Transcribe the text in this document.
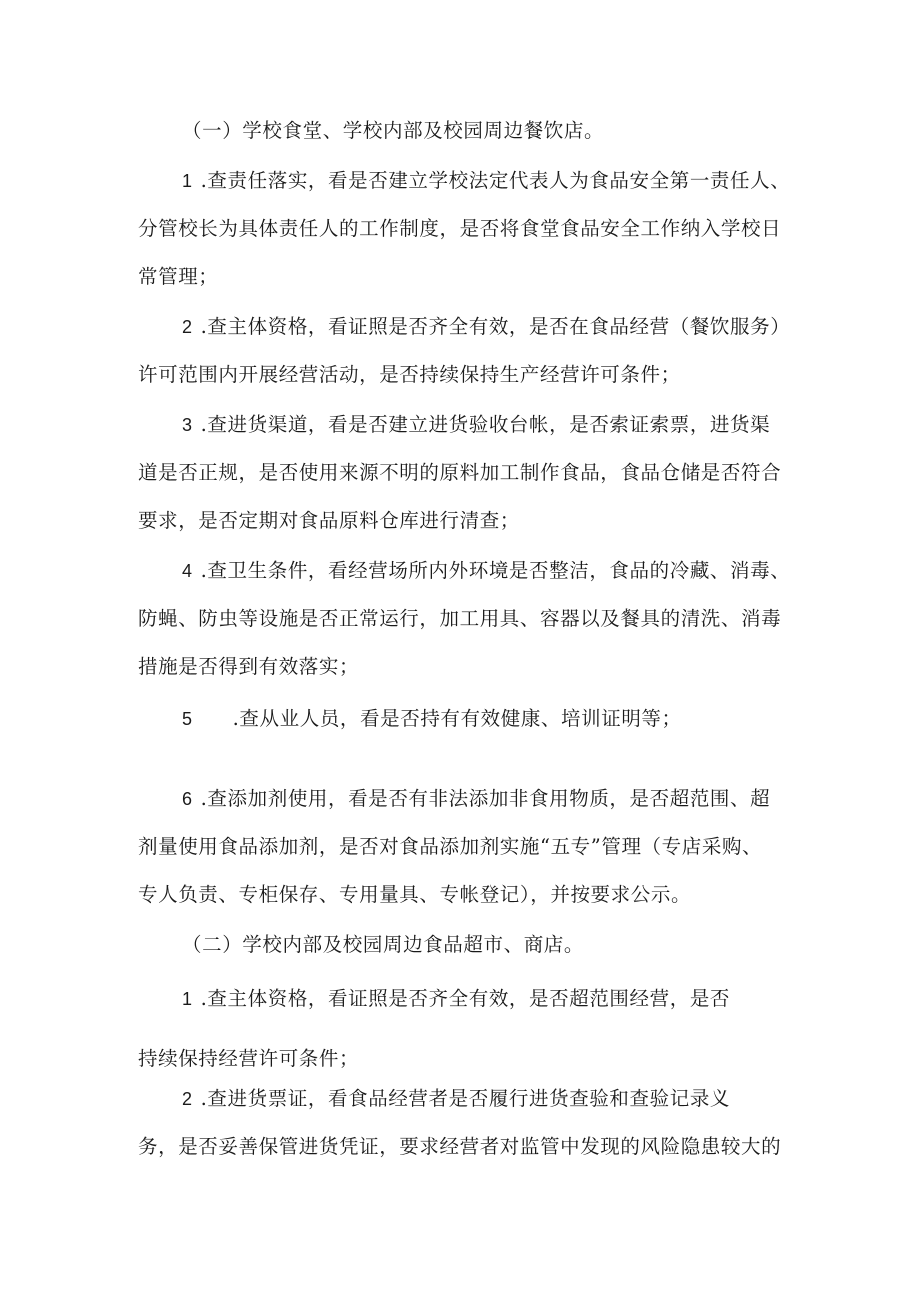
（一）学校食堂、学校内部及校园周边餐饮店。
1 .查责任落实，看是否建立学校法定代表人为食品安全第一责任人、
分管校长为具体责任人的工作制度，是否将食堂食品安全工作纳入学校日
常管理；
2 .查主体资格，看证照是否齐全有效，是否在食品经营（餐饮服务）
许可范围内开展经营活动，是否持续保持生产经营许可条件；
3 .查进货渠道，看是否建立进货验收台帐，是否索证索票，进货渠
道是否正规，是否使用来源不明的原料加工制作食品，食品仓储是否符合
要求，是否定期对食品原料仓库进行清查；
4 .查卫生条件，看经营场所内外环境是否整洁，食品的冷藏、消毒、
防蝇、防虫等设施是否正常运行，加工用具、容器以及餐具的清洗、消毒
措施是否得到有效落实；
5 .查从业人员，看是否持有有效健康、培训证明等；
6 .查添加剂使用，看是否有非法添加非食用物质，是否超范围、超
剂量使用食品添加剂，是否对食品添加剂实施“五专”管理（专店采购、
专人负责、专柜保存、专用量具、专帐登记），并按要求公示。
（二）学校内部及校园周边食品超市、商店。
1 .查主体资格，看证照是否齐全有效，是否超范围经营，是否
持续保持经营许可条件；
2 .查进货票证，看食品经营者是否履行进货查验和查验记录义
务，是否妥善保管进货凭证，要求经营者对监管中发现的风险隐患较大的
